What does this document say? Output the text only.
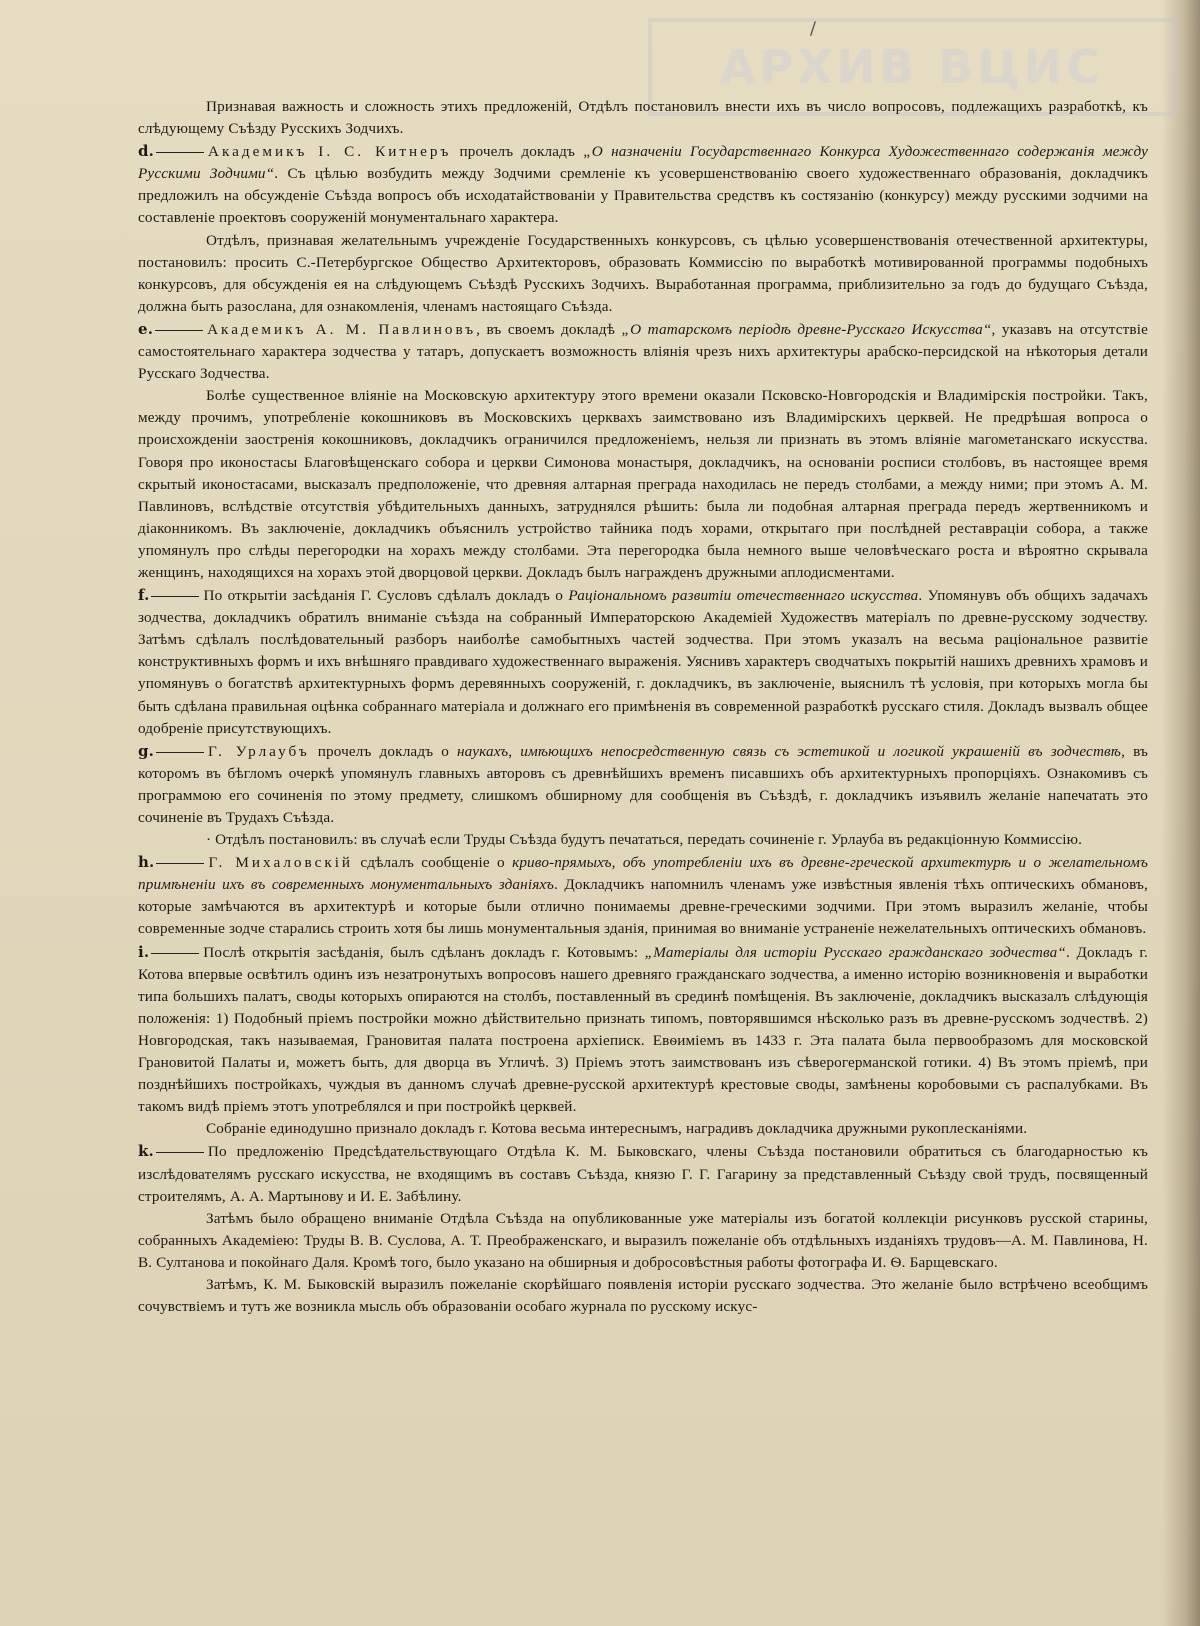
/
АРХИВ ВЦИС

Признавая важность и сложность этихъ предложеній, Отдѣлъ постановилъ внести ихъ въ число вопросовъ, подлежащихъ разработкѣ, къ слѣдующему Съѣзду Русскихъ Зодчихъ.

d.	Академикъ І. С. Китнеръ прочелъ докладъ „О назначеніи Государственнаго Конкурса Художественнаго содержанія между Русскими Зодчими“. Съ цѣлью возбудить между Зодчими сремленіе къ усовершенствованію своего художественнаго образованія, докладчикъ предложилъ на обсужденіе Съѣзда вопросъ объ исходатайствованіи у Правительства средствъ къ состязанію (конкурсу) между русскими зодчими на составленіе проектовъ сооруженій монументальнаго характера.

Отдѣлъ, признавая желательнымъ учрежденіе Государственныхъ конкурсовъ, съ цѣлью усовершенствованія отечественной архитектуры, постановилъ: просить С.-Петербургское Общество Архитекторовъ, образовать Коммиссію по выработкѣ мотивированной программы подобныхъ конкурсовъ, для обсужденія ея на слѣдующемъ Съѣздѣ Русскихъ Зодчихъ. Выработанная программа, приблизительно за годъ до будущаго Съѣзда, должна быть разослана, для ознакомленія, членамъ настоящаго Съѣзда.

e.	Академикъ А. М. Павлиновъ, въ своемъ докладѣ „О татарскомъ періодѣ древне-Русскаго Искусства“, указавъ на отсутствіе самостоятельнаго характера зодчества у татаръ, допускаетъ возможность вліянія чрезъ нихъ архитектуры арабско-персидской на нѣкоторыя детали Русскаго Зодчества.

Болѣе существенное вліяніе на Московскую архитектуру этого времени оказали Псковско-Новгородскія и Владимірскія постройки. Такъ, между прочимъ, употребленіе кокошниковъ въ Московскихъ церквахъ заимствовано изъ Владимірскихъ церквей. Не предрѣшая вопроса о происхожденіи заостренія кокошниковъ, докладчикъ ограничился предложеніемъ, нельзя ли признать въ этомъ вліяніе магометанскаго искусства. Говоря про иконостасы Благовѣщенскаго собора и церкви Симонова монастыря, докладчикъ, на основаніи росписи столбовъ, въ настоящее время скрытый иконостасами, высказалъ предположеніе, что древняя алтарная преграда находилась не передъ столбами, а между ними; при этомъ А. М. Павлиновъ, вслѣдствіе отсутствія убѣдительныхъ данныхъ, затруднялся рѣшить: была ли подобная алтарная преграда передъ жертвенникомъ и діаконникомъ. Въ заключеніе, докладчикъ объяснилъ устройство тайника подъ хорами, открытаго при послѣдней реставраціи собора, а также упомянулъ про слѣды перегородки на хорахъ между столбами. Эта перегородка была немного выше человѣческаго роста и вѣроятно скрывала женщинъ, находящихся на хорахъ этой дворцовой церкви. Докладъ былъ награжденъ дружными аплодисментами.

f.	По открытіи засѣданія Г. Сусловъ сдѣлалъ докладъ о Раціональномъ развитіи отечественнаго искусства. Упомянувъ объ общихъ задачахъ зодчества, докладчикъ обратилъ вниманіе съѣзда на собранный Императорскою Академіей Художествъ матеріалъ по древне-русскому зодчеству. Затѣмъ сдѣлалъ послѣдовательный разборъ наиболѣе самобытныхъ частей зодчества. При этомъ указалъ на весьма раціональное развитіе конструктивныхъ формъ и ихъ внѣшняго правдиваго художественнаго выраженія. Уяснивъ характеръ сводчатыхъ покрытій нашихъ древнихъ храмовъ и упомянувъ о богатствѣ архитектурныхъ формъ деревянныхъ сооруженій, г. докладчикъ, въ заключеніе, выяснилъ тѣ условія, при которыхъ могла бы быть сдѣлана правильная оцѣнка собраннаго матеріала и должнаго его примѣненія въ современной разработкѣ русскаго стиля. Докладъ вызвалъ общее одобреніе присутствующихъ.

g.	Г. Урлаубъ прочелъ докладъ о наукахъ, имѣющихъ непосредственную связь съ эстетикой и логикой украшеній въ зодчествѣ, въ которомъ въ бѣгломъ очеркѣ упомянулъ главныхъ авторовъ съ древнѣйшихъ временъ писавшихъ объ архитектурныхъ пропорціяхъ. Ознакомивъ съ программою его сочиненія по этому предмету, слишкомъ обширному для сообщенія въ Съѣздѣ, г. докладчикъ изъявилъ желаніе напечатать это сочиненіе въ Трудахъ Съѣзда.

· Отдѣлъ постановилъ: въ случаѣ если Труды Съѣзда будутъ печататься, передать сочиненіе г. Урлауба въ редакціонную Коммиссію.

h.	Г. Михаловскій сдѣлалъ сообщеніе о криво-прямыхъ, объ употребленіи ихъ въ древне-греческой архитектурѣ и о желательномъ примѣненіи ихъ въ современныхъ монументальныхъ зданіяхъ. Докладчикъ напомнилъ членамъ уже извѣстныя явленія тѣхъ оптическихъ обмановъ, которые замѣчаются въ архитектурѣ и которые были отлично понимаемы древне-греческими зодчими. При этомъ выразилъ желаніе, чтобы современные зодче старались строить хотя бы лишь монументальныя зданія, принимая во вниманіе устраненіе нежелательныхъ оптическихъ обмановъ.

i.	Послѣ открытія засѣданія, былъ сдѣланъ докладъ г. Котовымъ: „Матеріалы для исторіи Русскаго гражданскаго зодчества“. Докладъ г. Котова впервые освѣтилъ одинъ изъ незатронутыхъ вопросовъ нашего древняго гражданскаго зодчества, а именно исторію возникновенія и выработки типа большихъ палатъ, своды которыхъ опираются на столбъ, поставленный въ срединѣ помѣщенія. Въ заключеніе, докладчикъ высказалъ слѣдующія положенія: 1) Подобный пріемъ постройки можно дѣйствительно признать типомъ, повторявшимся нѣсколько разъ въ древне-русскомъ зодчествѣ. 2) Новгородская, такъ называемая, Грановитая палата построена архіеписк. Евѳиміемъ въ 1433 г. Эта палата была первообразомъ для московской Грановитой Палаты и, можетъ быть, для дворца въ Угличѣ. 3) Пріемъ этотъ заимствованъ изъ сѣверогерманской готики. 4) Въ этомъ пріемѣ, при позднѣйшихъ постройкахъ, чуждыя въ данномъ случаѣ древне-русской архитектурѣ крестовые своды, замѣнены коробовыми съ распалубками. Въ такомъ видѣ пріемъ этотъ употреблялся и при постройкѣ церквей.

Собраніе единодушно признало докладъ г. Котова весьма интереснымъ, наградивъ докладчика дружными рукоплесканіями.

k.	По предложенію Предсѣдательствующаго Отдѣла К. М. Быковскаго, члены Съѣзда постановили обратиться съ благодарностью къ изслѣдователямъ русскаго искусства, не входящимъ въ составъ Съѣзда, князю Г. Г. Гагарину за представленный Съѣзду свой трудъ, посвященный строителямъ, А. А. Мартынову и И. Е. Забѣлину.

Затѣмъ было обращено вниманіе Отдѣла Съѣзда на опубликованные уже матеріалы изъ богатой коллекціи рисунковъ русской старины, собранныхъ Академіею: Труды В. В. Суслова, А. Т. Преображенскаго, и выразилъ пожеланіе объ отдѣльныхъ изданіяхъ трудовъ—А. М. Павлинова, Н. В. Султанова и покойнаго Даля. Кромѣ того, было указано на обширныя и добросовѣстныя работы фотографа И. Ѳ. Барщевскаго.

Затѣмъ, К. М. Быковскій выразилъ пожеланіе скорѣйшаго появленія исторіи русскаго зодчества. Это желаніе было встрѣчено всеобщимъ сочувствіемъ и тутъ же возникла мысль объ образованіи особаго журнала по русскому искус-
